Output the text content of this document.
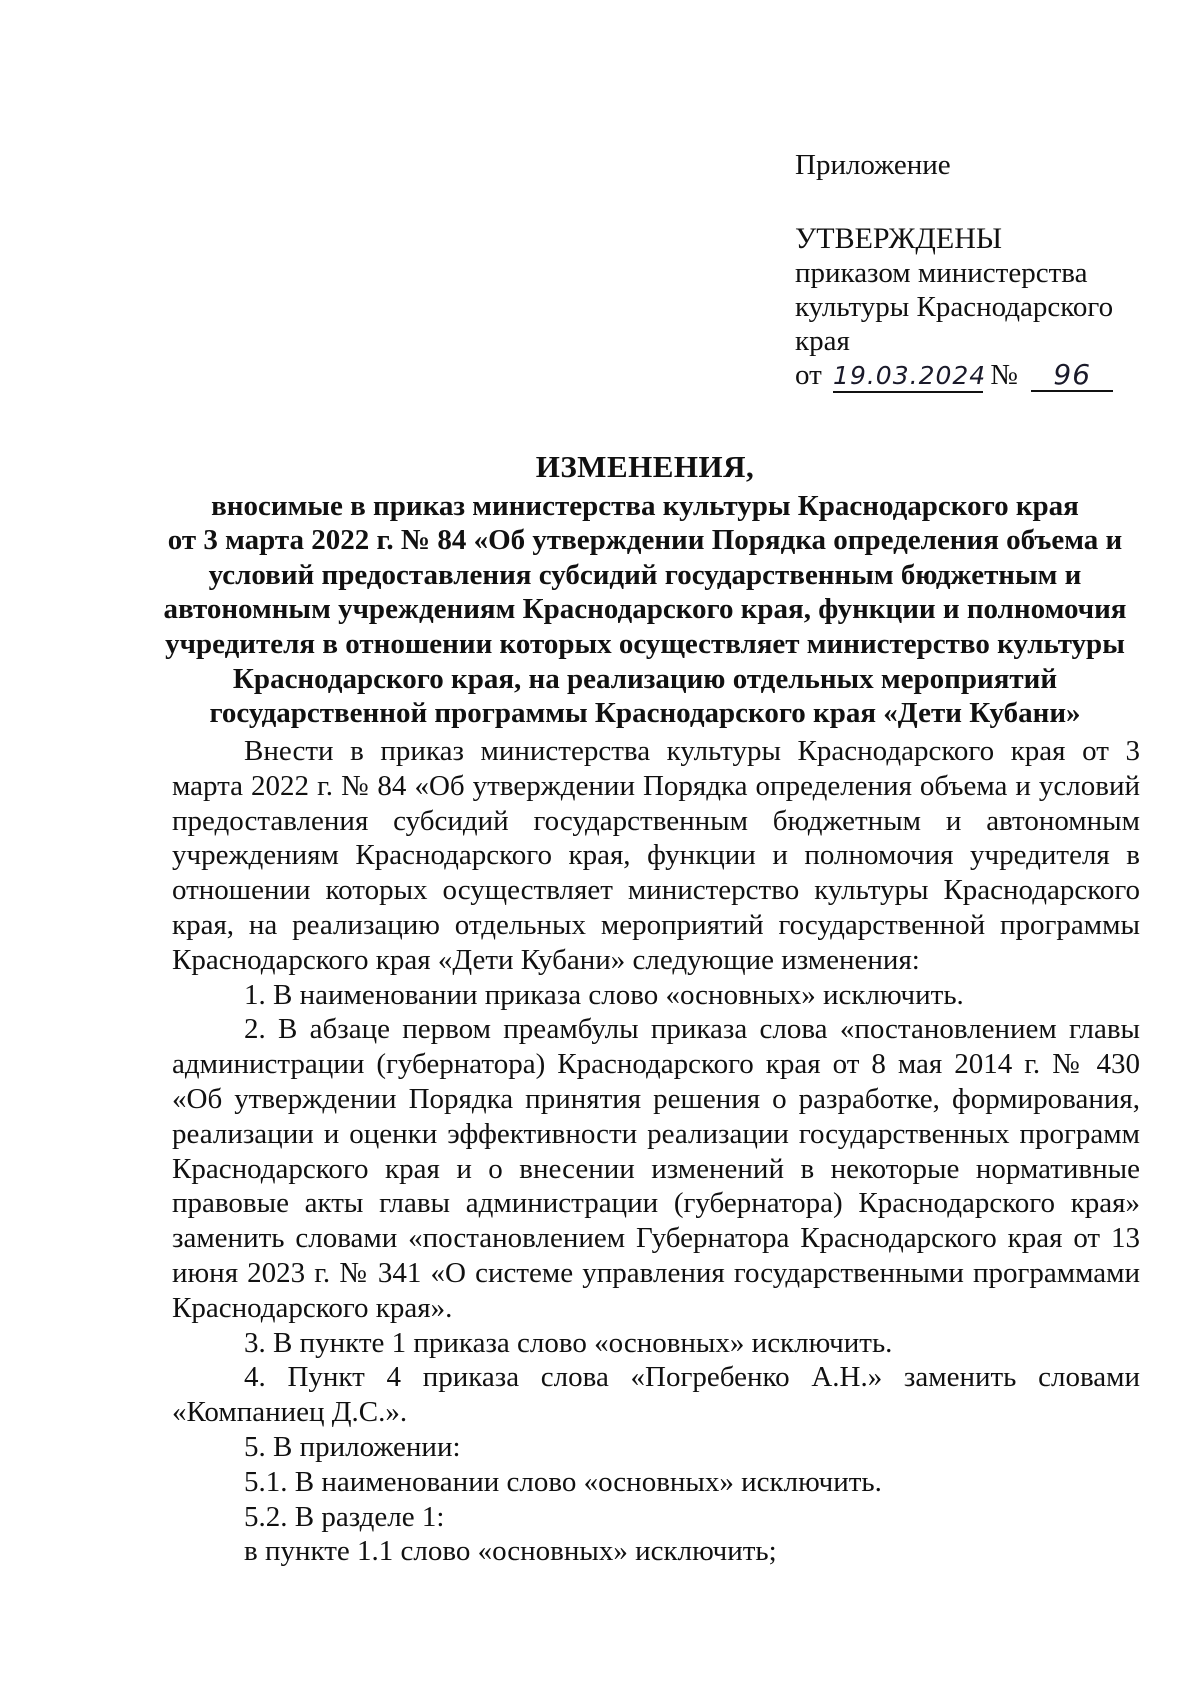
Приложение
УТВЕРЖДЕНЫ
приказом министерства
культуры Краснодарского
края
от 19.03.2024 № 96
ИЗМЕНЕНИЯ,
вносимые в приказ министерства культуры Краснодарского края
от 3 марта 2022 г. № 84 «Об утверждении Порядка определения объема и
условий предоставления субсидий государственным бюджетным и
автономным учреждениям Краснодарского края, функции и полномочия
учредителя в отношении которых осуществляет министерство культуры
Краснодарского края, на реализацию отдельных мероприятий
государственной программы Краснодарского края «Дети Кубани»

Внести в приказ министерства культуры Краснодарского края от 3 марта 2022 г. № 84 «Об утверждении Порядка определения объема и условий предоставления субсидий государственным бюджетным и автономным учреждениям Краснодарского края, функции и полномочия учредителя в отношении которых осуществляет министерство культуры Краснодарского края, на реализацию отдельных мероприятий государственной программы Краснодарского края «Дети Кубани» следующие изменения:

1. В наименовании приказа слово «основных» исключить.

2. В абзаце первом преамбулы приказа слова «постановлением главы администрации (губернатора) Краснодарского края от 8 мая 2014 г. № 430 «Об утверждении Порядка принятия решения о разработке, формирования, реализации и оценки эффективности реализации государственных программ Краснодарского края и о внесении изменений в некоторые нормативные правовые акты главы администрации (губернатора) Краснодарского края» заменить словами «постановлением Губернатора Краснодарского края от 13 июня 2023 г. № 341 «О системе управления государственными программами Краснодарского края».

3. В пункте 1 приказа слово «основных» исключить.

4. Пункт 4 приказа слова «Погребенко А.Н.» заменить словами «Компаниец Д.С.».

5. В приложении:

5.1. В наименовании слово «основных» исключить.

5.2. В разделе 1:

в пункте 1.1 слово «основных» исключить;
